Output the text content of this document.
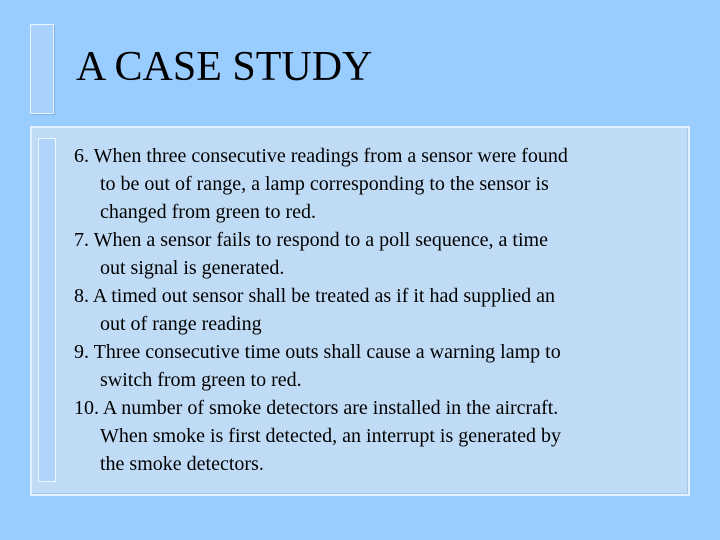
A CASE STUDY
6. When three consecutive readings from a sensor were found
to be out of range, a lamp corresponding to the sensor is
changed from green to red.
7. When a sensor fails to respond to a poll sequence, a time
out signal is generated.
8. A timed out sensor shall be treated as if it had supplied an
out of range reading
9. Three consecutive time outs shall cause a warning lamp to
switch from green to red.
10. A number of smoke detectors are installed in the aircraft.
When smoke is first detected, an interrupt is generated by
the smoke detectors.
